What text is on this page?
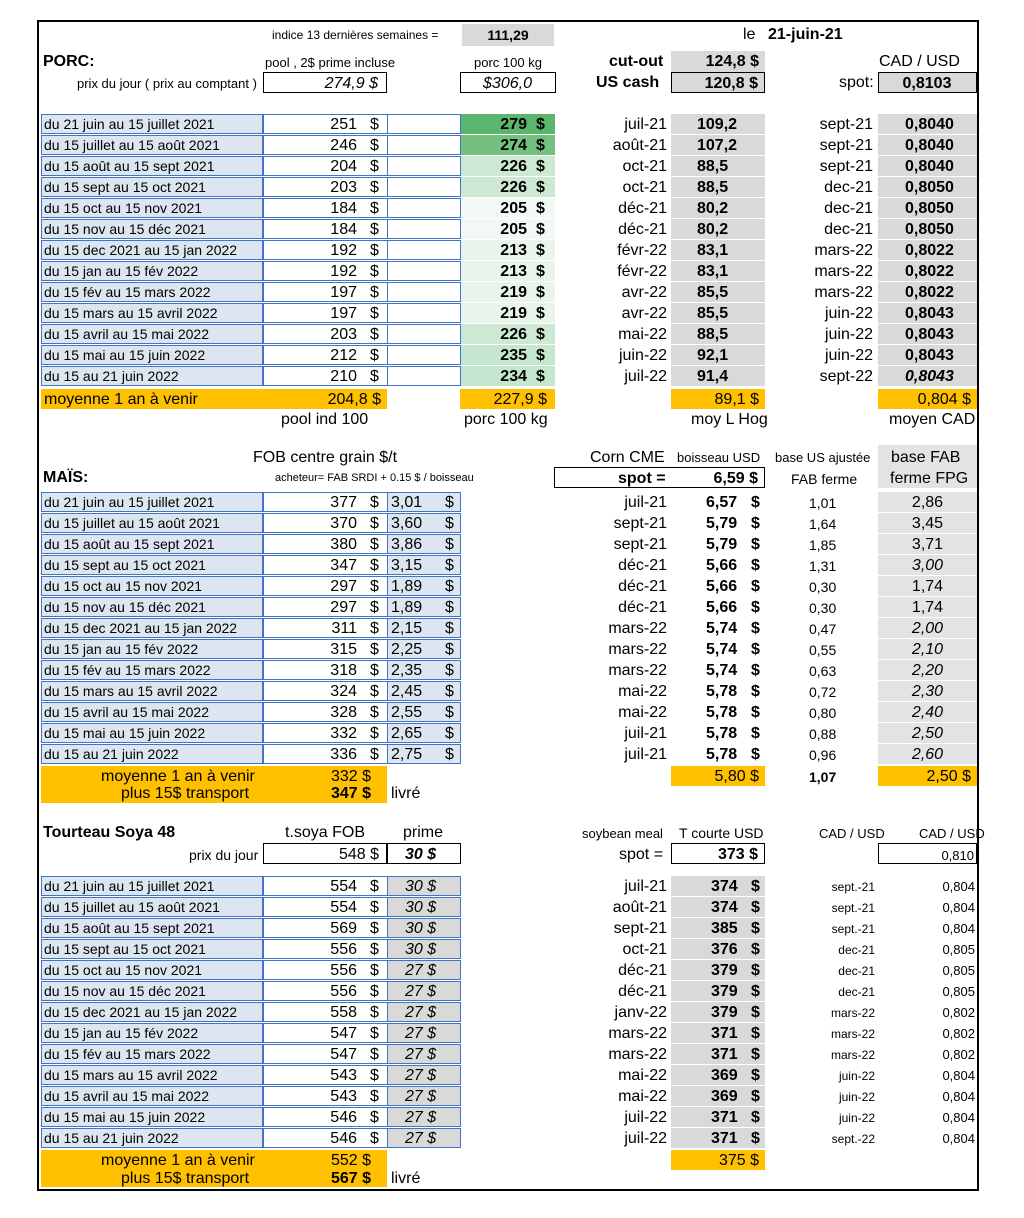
indice 13 dernières semaines =	111,29	le 21-juin-21
PORC:	pool , 2$ prime incluse	porc 100 kg	cut-out	124,8 $	CAD / USD
prix du jour ( prix au comptant )	274,9 $	$306,0	US cash	120,8 $	spot:	0,8103
du 21 juin au 15 juillet 2021	251 $	279 $	juil-21 109,2	sept-21 0,8040
du 15 juillet au 15 août 2021	246 $	274 $	août-21 107,2	sept-21 0,8040
du 15 août au 15 sept 2021	204 $	226 $	oct-21 88,5	sept-21 0,8040
du 15 sept au 15 oct 2021	203 $	226 $	oct-21 88,5	dec-21 0,8050
du 15 oct au 15 nov 2021	184 $	205 $	déc-21 80,2	dec-21 0,8050
du 15 nov au 15 déc 2021	184 $	205 $	déc-21 80,2	dec-21 0,8050
du 15 dec 2021 au 15 jan 2022	192 $	213 $	févr-22 83,1	mars-22 0,8022
du 15 jan au 15 fév 2022	192 $	213 $	févr-22 83,1	mars-22 0,8022
du 15 fév au 15 mars 2022	197 $	219 $	avr-22 85,5	mars-22 0,8022
du 15 mars au 15 avril 2022	197 $	219 $	avr-22 85,5	juin-22 0,8043
du 15 avril au 15 mai 2022	203 $	226 $	mai-22 88,5	juin-22 0,8043
du 15 mai au 15 juin 2022	212 $	235 $	juin-22 92,1	juin-22 0,8043
du 15 au 21 juin 2022	210 $	234 $	juil-22 91,4	sept-22 0,8043
moyenne 1 an à venir	204,8 $	227,9 $	89,1 $	0,804 $
pool ind 100	porc 100 kg	moy L Hog	moyen CAD
FOB centre grain $/t	Corn CME boisseau USD base US ajustée base FAB
MAÏS:	acheteur= FAB SRDI + 0.15 $ / boisseau	spot =	6,59 $ FAB ferme ferme FPG
du 21 juin au 15 juillet 2021	377 $ 3,01 $	juil-21 6,57 $	1,01	2,86
du 15 juillet au 15 août 2021	370 $ 3,60 $	sept-21 5,79 $	1,64	3,45
du 15 août au 15 sept 2021	380 $ 3,86 $	sept-21 5,79 $	1,85	3,71
du 15 sept au 15 oct 2021	347 $ 3,15 $	déc-21 5,66 $	1,31	3,00
du 15 oct au 15 nov 2021	297 $ 1,89 $	déc-21 5,66 $	0,30	1,74
du 15 nov au 15 déc 2021	297 $ 1,89 $	déc-21 5,66 $	0,30	1,74
du 15 dec 2021 au 15 jan 2022	311 $ 2,15 $	mars-22 5,74 $	0,47	2,00
du 15 jan au 15 fév 2022	315 $ 2,25 $	mars-22 5,74 $	0,55	2,10
du 15 fév au 15 mars 2022	318 $ 2,35 $	mars-22 5,74 $	0,63	2,20
du 15 mars au 15 avril 2022	324 $ 2,45 $	mai-22 5,78 $	0,72	2,30
du 15 avril au 15 mai 2022	328 $ 2,55 $	mai-22 5,78 $	0,80	2,40
du 15 mai au 15 juin 2022	332 $ 2,65 $	juil-21 5,78 $	0,88	2,50
du 15 au 21 juin 2022	336 $ 2,75 $	juil-21 5,78 $	0,96	2,60
moyenne 1 an à venir	332 $	5,80 $	1,07	2,50 $
plus 15$ transport	347 $ livré
Tourteau Soya 48	t.soya FOB prime	soybean meal T courte USD	CAD / USD	CAD / USD
prix du jour	548 $ 30 $	spot =	373 $	0,810
du 21 juin au 15 juillet 2021	554 $ 30 $	juil-21	374 $	sept.-21	0,804
du 15 juillet au 15 août 2021	554 $ 30 $	août-21	374 $	sept.-21	0,804
du 15 août au 15 sept 2021	569 $ 30 $	sept-21	385 $	sept.-21	0,804
du 15 sept au 15 oct 2021	556 $ 30 $	oct-21	376 $	dec-21	0,805
du 15 oct au 15 nov 2021	556 $ 27 $	déc-21	379 $	dec-21	0,805
du 15 nov au 15 déc 2021	556 $ 27 $	déc-21	379 $	dec-21	0,805
du 15 dec 2021 au 15 jan 2022	558 $ 27 $	janv-22	379 $	mars-22	0,802
du 15 jan au 15 fév 2022	547 $ 27 $	mars-22	371 $	mars-22	0,802
du 15 fév au 15 mars 2022	547 $ 27 $	mars-22	371 $	mars-22	0,802
du 15 mars au 15 avril 2022	543 $ 27 $	mai-22	369 $	juin-22	0,804
du 15 avril au 15 mai 2022	543 $ 27 $	mai-22	369 $	juin-22	0,804
du 15 mai au 15 juin 2022	546 $ 27 $	juil-22	371 $	juin-22	0,804
du 15 au 21 juin 2022	546 $ 27 $	juil-22	371 $	sept.-22	0,804
moyenne 1 an à venir	552 $	375 $
plus 15$ transport	567 $ livré
